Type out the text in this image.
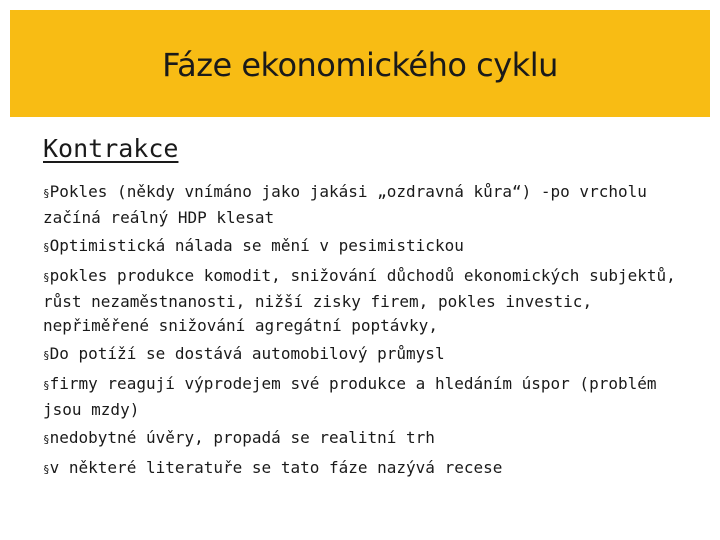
Fáze ekonomického cyklu
Kontrakce
§Pokles (někdy vnímáno jako jakási „ozdravná kůra“) -po vrcholu začíná reálný HDP klesat
§Optimistická nálada se mění v pesimistickou
§pokles produkce komodit, snižování důchodů ekonomických subjektů, růst nezaměstnanosti, nižší zisky firem, pokles investic, nepřiměřené snižování agregátní poptávky,
§Do potíží se dostává automobilový průmysl
§firmy reagují výprodejem své produkce a hledáním úspor (problém jsou mzdy)
§nedobytné úvěry, propadá se realitní trh
§v některé literatuře se tato fáze nazývá recese
